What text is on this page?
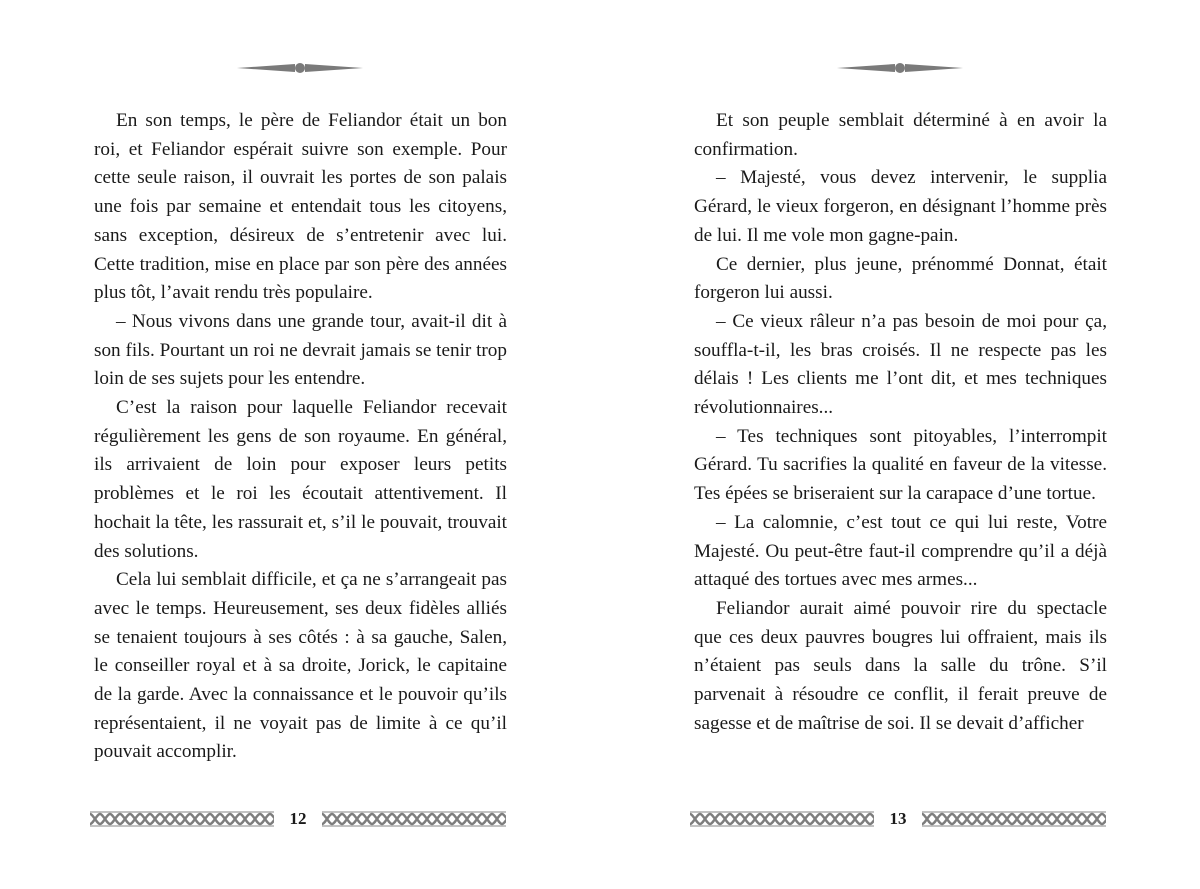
En son temps, le père de Feliandor était un bon roi, et Feliandor espérait suivre son exemple. Pour cette seule raison, il ouvrait les portes de son palais une fois par semaine et entendait tous les citoyens, sans exception, désireux de s’entretenir avec lui. Cette tradition, mise en place par son père des années plus tôt, l’avait rendu très populaire.

– Nous vivons dans une grande tour, avait-il dit à son fils. Pourtant un roi ne devrait jamais se tenir trop loin de ses sujets pour les entendre.

C’est la raison pour laquelle Feliandor recevait régulièrement les gens de son royaume. En général, ils arrivaient de loin pour exposer leurs petits problèmes et le roi les écoutait attentivement. Il hochait la tête, les rassurait et, s’il le pouvait, trouvait des solutions.

Cela lui semblait difficile, et ça ne s’arrangeait pas avec le temps. Heureusement, ses deux fidèles alliés se tenaient toujours à ses côtés : à sa gauche, Salen, le conseiller royal et à sa droite, Jorick, le capitaine de la garde. Avec la connaissance et le pouvoir qu’ils représentaient, il ne voyait pas de limite à ce qu’il pouvait accomplir.

12

Et son peuple semblait déterminé à en avoir la confirmation.

– Majesté, vous devez intervenir, le supplia Gérard, le vieux forgeron, en désignant l’homme près de lui. Il me vole mon gagne-pain.

Ce dernier, plus jeune, prénommé Donnat, était forgeron lui aussi.

– Ce vieux râleur n’a pas besoin de moi pour ça, souffla-t-il, les bras croisés. Il ne respecte pas les délais ! Les clients me l’ont dit, et mes techniques révolutionnaires...

– Tes techniques sont pitoyables, l’interrompit Gérard. Tu sacrifies la qualité en faveur de la vitesse. Tes épées se briseraient sur la carapace d’une tortue.

– La calomnie, c’est tout ce qui lui reste, Votre Majesté. Ou peut-être faut-il comprendre qu’il a déjà attaqué des tortues avec mes armes...

Feliandor aurait aimé pouvoir rire du spectacle que ces deux pauvres bougres lui offraient, mais ils n’étaient pas seuls dans la salle du trône. S’il parvenait à résoudre ce conflit, il ferait preuve de sagesse et de maîtrise de soi. Il se devait d’afficher

13
